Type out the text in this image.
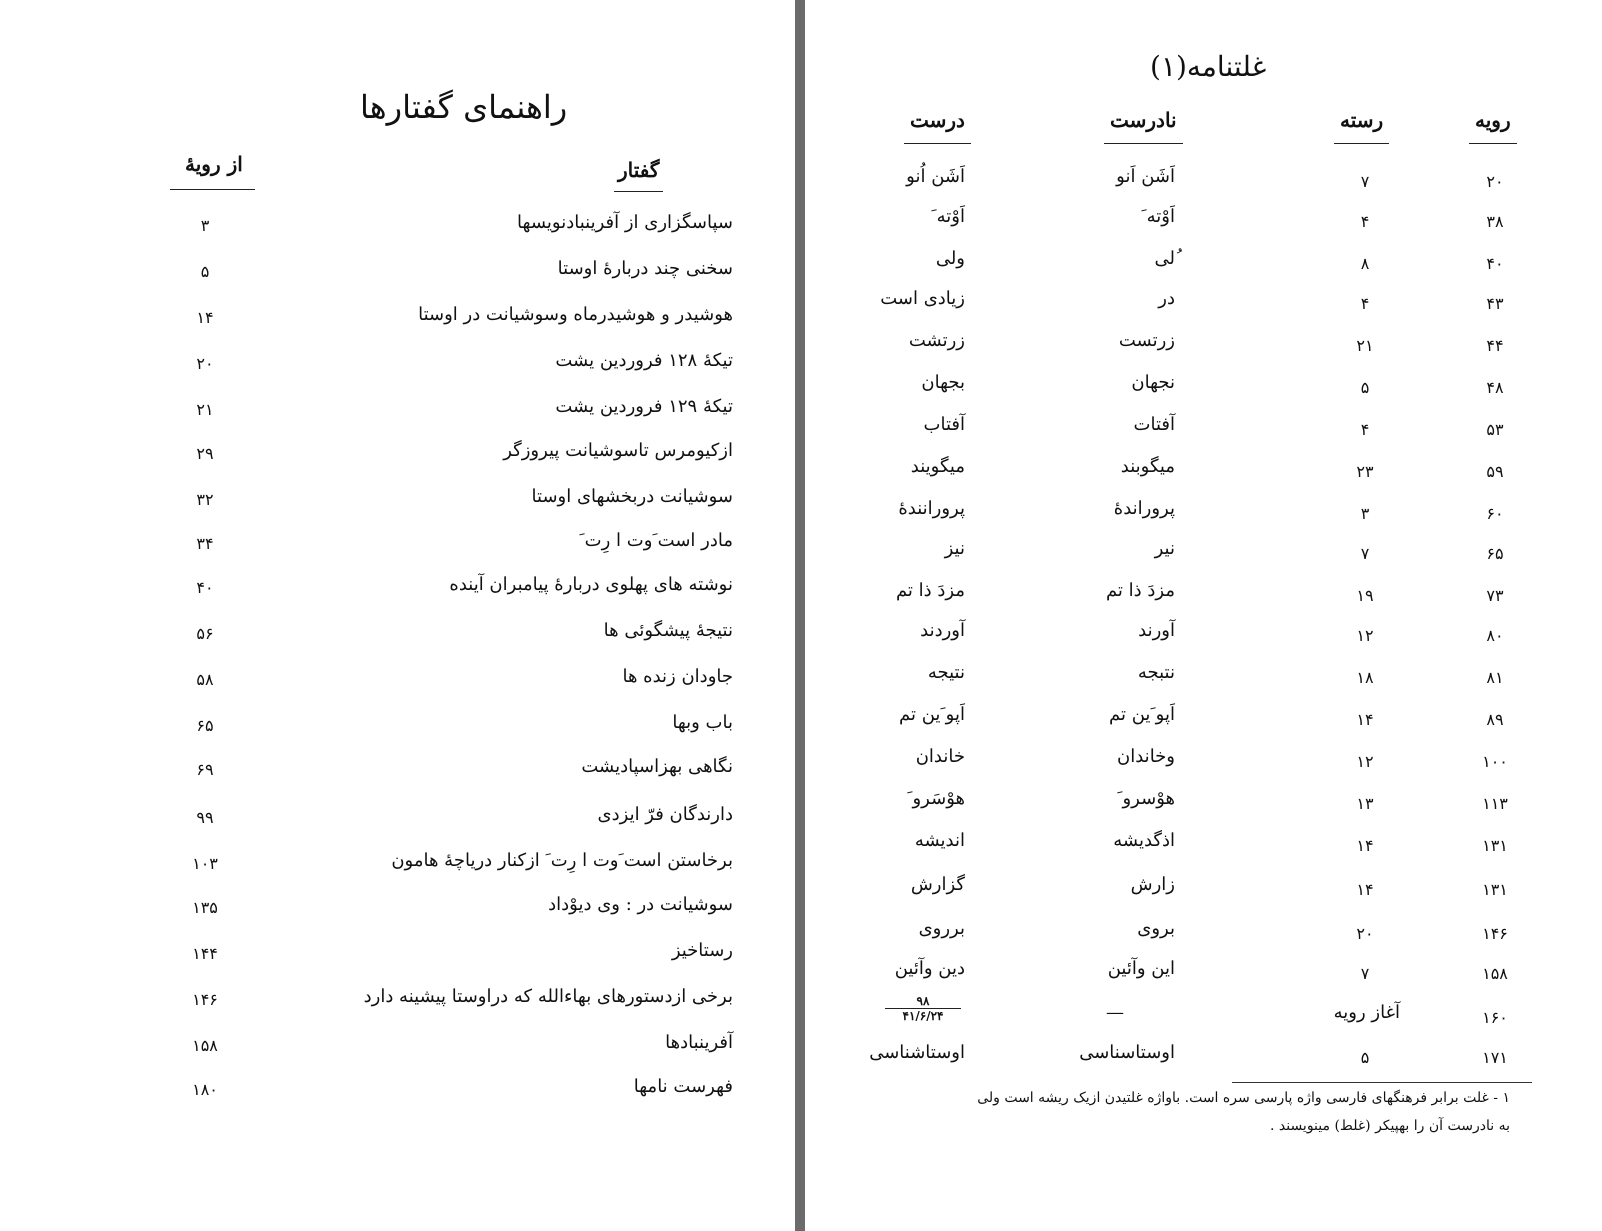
راهنمای گفتارها
گفتار
از رویهٔ
سپاسگزاری از آفرینبادنویسها
۳
سخنی چند دربارهٔ اوستا
۵
هوشیدر و هوشیدرماه وسوشیانت در اوستا
۱۴
تیکهٔ ۱۲۸ فروردین یشت
۲۰
تیکهٔ ۱۲۹ فروردین یشت
۲۱
ازکیومرس تاسوشیانت پیروزگر
۲۹
سوشیانت دربخشهای اوستا
۳۲
مادر است َوت ا رِت َ
۳۴
نوشته های پهلوی دربارهٔ پیامبران آینده
۴۰
نتیجهٔ پیشگوئی ها
۵۶
جاودان زنده ها
۵۸
باب وبها
۶۵
نگاهی بهزاسپادیشت
۶۹
دارندگان فرّ ایزدی
۹۹
برخاستن است َوت ا رِت َ ازکنار دریاچهٔ هامون
۱۰۳
سوشیانت در : وی دیوْداد
۱۳۵
رستاخیز
۱۴۴
برخی ازدستورهای بهاءالله که دراوستا پیشینه دارد
۱۴۶
آفرینبادها
۱۵۸
فهرست نامها
۱۸۰
غلتنامه(۱)
رویه
رسته
نادرست
درست
۲۰
۷
اَشَن اَنو
اَشَن اُنو
۳۸
۴
اَوْته َ
اَوْته َ
۴۰
۸
ُلی
ولی
۴۳
۴
در
زیادی است
۴۴
۲۱
زرتست
زرتشت
۴۸
۵
نجهان
بجهان
۵۳
۴
آفتات
آفتاب
۵۹
۲۳
میگوبند
میگویند
۶۰
۳
پروراندهٔ
پرورانندهٔ
۶۵
۷
نیر
نیز
۷۳
۱۹
مزدَ ذا تم
مزدَ ذا تم
۸۰
۱۲
آورند
آوردند
۸۱
۱۸
نتبجه
نتیجه
۸۹
۱۴
اَپو َین تم
اَپو َین تم
۱۰۰
۱۲
وخاندان
خاندان
۱۱۳
۱۳
هوْسرو َ
هوْسَرو َ
۱۳۱
۱۴
اذگدیشه
اندیشه
۱۳۱
۱۴
زارش
گزارش
۱۴۶
۲۰
بروی
برروی
۱۵۸
۷
این وآئین
دین وآئین
۱۶۰
آغاز رویه
—
۹۸
۴۱/۶/۲۴
۱۷۱
۵
اوستاسناسی
اوستاشناسی
۱ - غلت برابر فرهنگهای فارسی واژه پارسی سره است. باواژه غلتیدن ازیک ریشه است ولی
به نادرست آن را بهپیکر (غلط) مینویسند .
